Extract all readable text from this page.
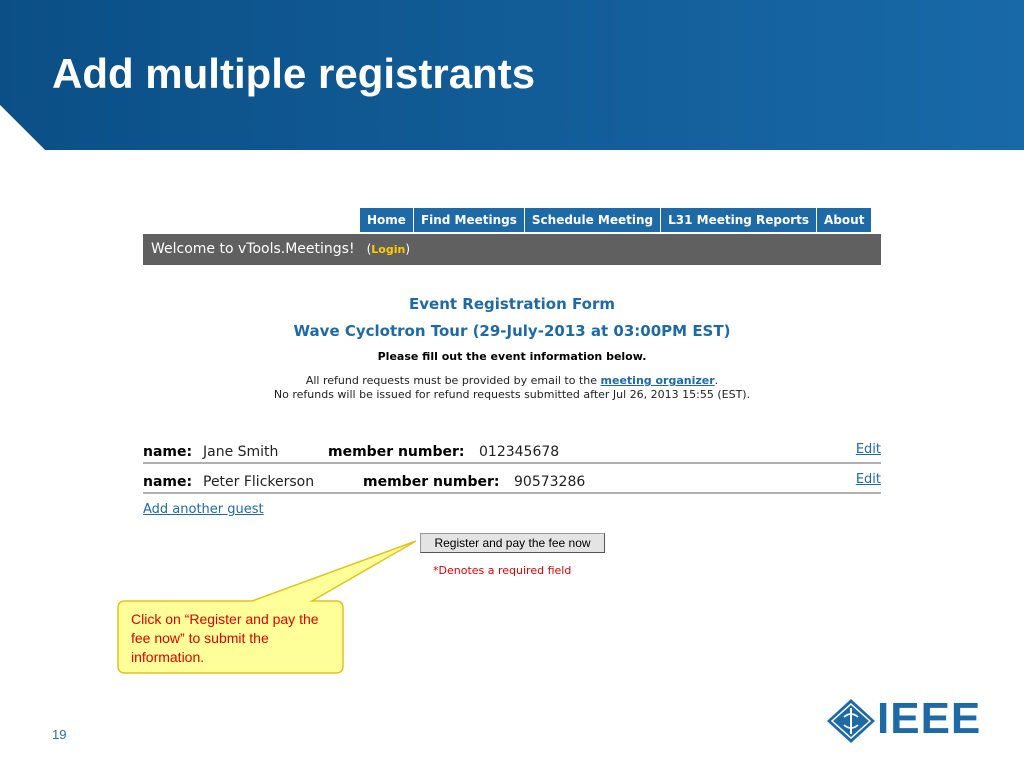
Add multiple registrants
Home	Find Meetings	Schedule Meeting	L31 Meeting Reports	About
Welcome to vTools.Meetings! (Login)
Event Registration Form
Wave Cyclotron Tour (29-July-2013 at 03:00PM EST)
Please fill out the event information below.
All refund requests must be provided by email to the meeting organizer.
No refunds will be issued for refund requests submitted after Jul 26, 2013 15:55 (EST).
name: Jane Smith	member number: 012345678	Edit
name: Peter Flickerson	member number: 90573286	Edit
Add another guest
Register and pay the fee now
*Denotes a required field
Click on “Register and pay the fee now” to submit the information.
19	IEEE
